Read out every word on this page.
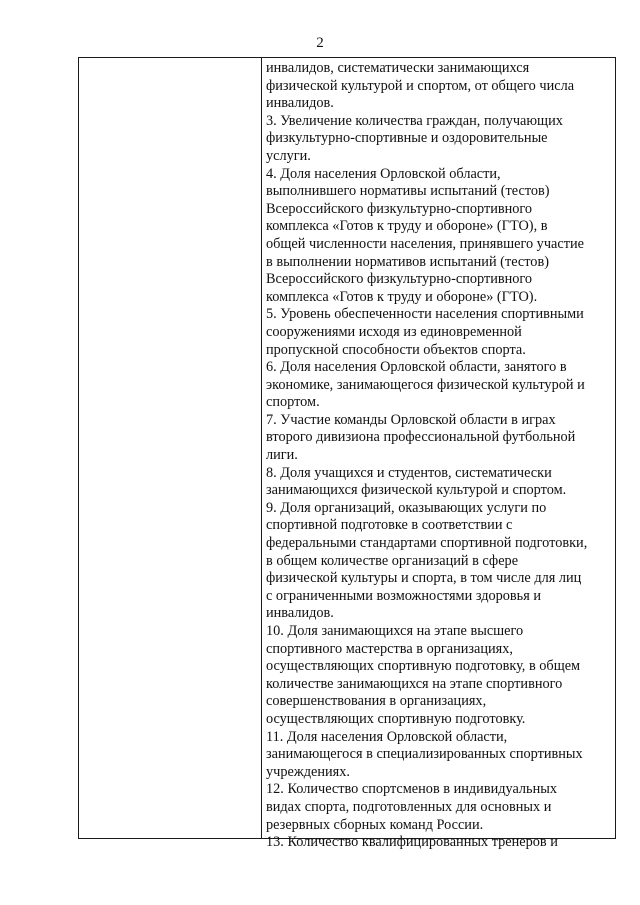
2
инвалидов, систематически занимающихся
физической культурой и спортом, от общего числа
инвалидов.
3. Увеличение количества граждан, получающих
физкультурно-спортивные и оздоровительные
услуги.
4. Доля населения Орловской области,
выполнившего нормативы испытаний (тестов)
Всероссийского физкультурно-спортивного
комплекса «Готов к труду и обороне» (ГТО), в
общей численности населения, принявшего участие
в выполнении нормативов испытаний (тестов)
Всероссийского физкультурно-спортивного
комплекса «Готов к труду и обороне» (ГТО).
5. Уровень обеспеченности населения спортивными
сооружениями исходя из единовременной
пропускной способности объектов спорта.
6. Доля населения Орловской области, занятого в
экономике, занимающегося физической культурой и
спортом.
7. Участие команды Орловской области в играх
второго дивизиона профессиональной футбольной
лиги.
8. Доля учащихся и студентов, систематически
занимающихся физической культурой и спортом.
9. Доля организаций, оказывающих услуги по
спортивной подготовке в соответствии с
федеральными стандартами спортивной подготовки,
в общем количестве организаций в сфере
физической культуры и спорта, в том числе для лиц
с ограниченными возможностями здоровья и
инвалидов.
10. Доля занимающихся на этапе высшего
спортивного мастерства в организациях,
осуществляющих спортивную подготовку, в общем
количестве занимающихся на этапе спортивного
совершенствования в организациях,
осуществляющих спортивную подготовку.
11. Доля населения Орловской области,
занимающегося в специализированных спортивных
учреждениях.
12. Количество спортсменов в индивидуальных
видах спорта, подготовленных для основных и
резервных сборных команд России.
13. Количество квалифицированных тренеров и
